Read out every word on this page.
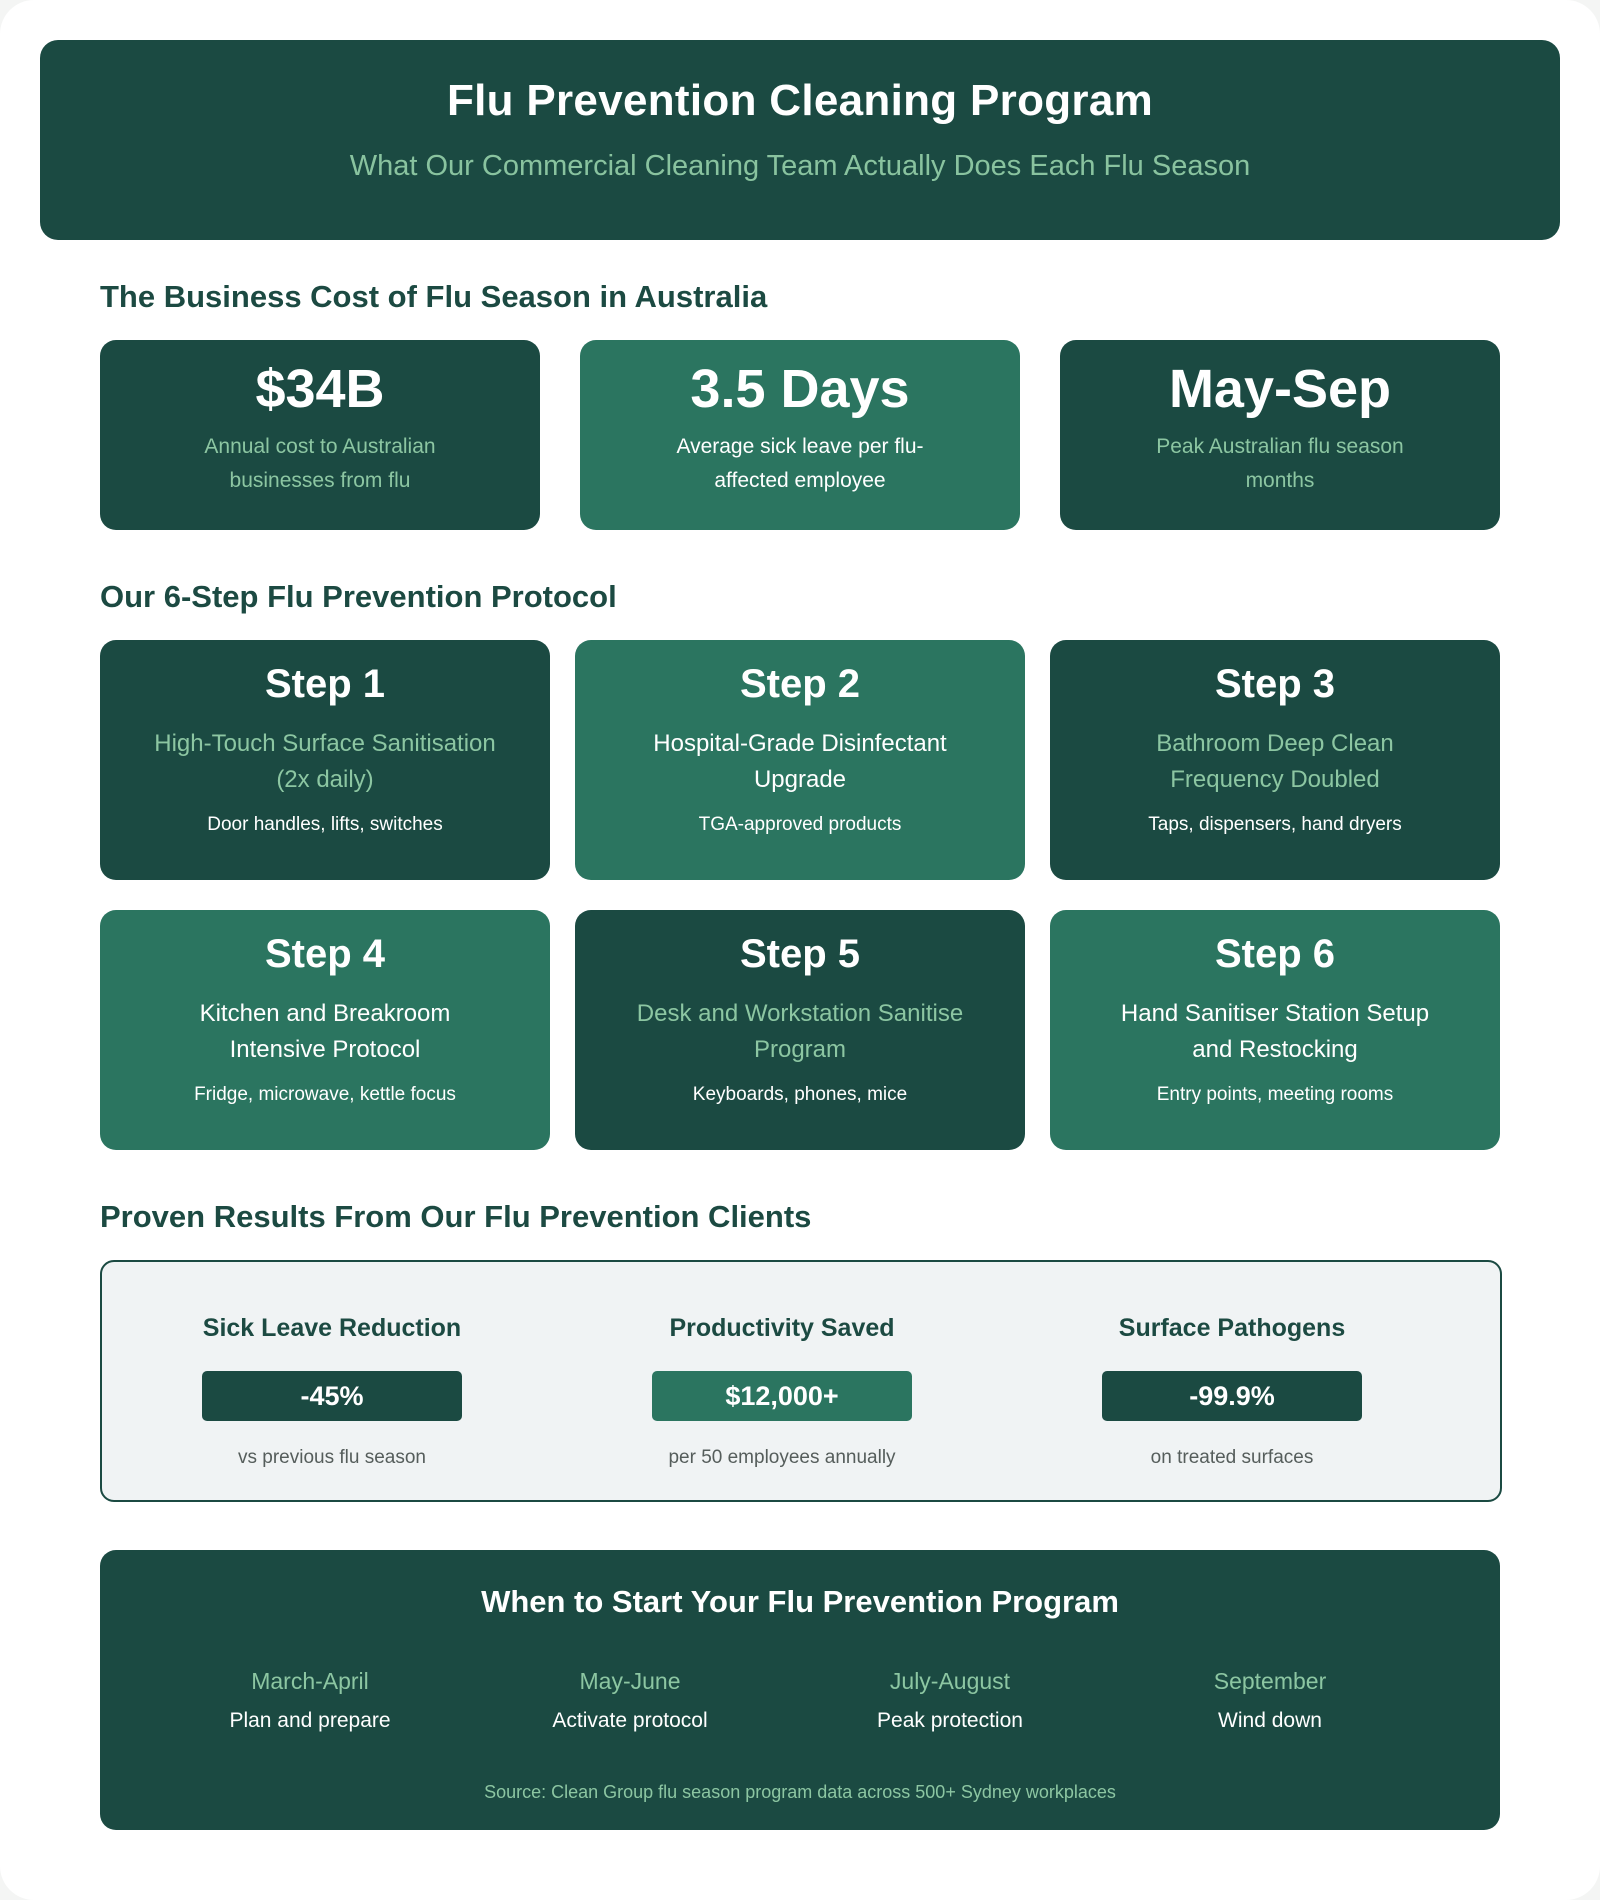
Flu Prevention Cleaning Program

What Our Commercial Cleaning Team Actually Does Each Flu Season

The Business Cost of Flu Season in Australia
$34B
Annual cost to Australian businesses from flu
3.5 Days
Average sick leave per flu-affected employee
May-Sep
Peak Australian flu season months
Our 6-Step Flu Prevention Protocol
Step 1
High-Touch Surface Sanitisation (2x daily)
Door handles, lifts, switches
Step 2
Hospital-Grade Disinfectant Upgrade
TGA-approved products
Step 3
Bathroom Deep Clean Frequency Doubled
Taps, dispensers, hand dryers
Step 4
Kitchen and Breakroom Intensive Protocol
Fridge, microwave, kettle focus
Step 5
Desk and Workstation Sanitise Program
Keyboards, phones, mice
Step 6
Hand Sanitiser Station Setup and Restocking
Entry points, meeting rooms
Proven Results From Our Flu Prevention Clients
Sick Leave Reduction
-45%
vs previous flu season
Productivity Saved
$12,000+
per 50 employees annually
Surface Pathogens
-99.9%
on treated surfaces
When to Start Your Flu Prevention Program
March-April
Plan and prepare
May-June
Activate protocol
July-August
Peak protection
September
Wind down
Source: Clean Group flu season program data across 500+ Sydney workplaces
